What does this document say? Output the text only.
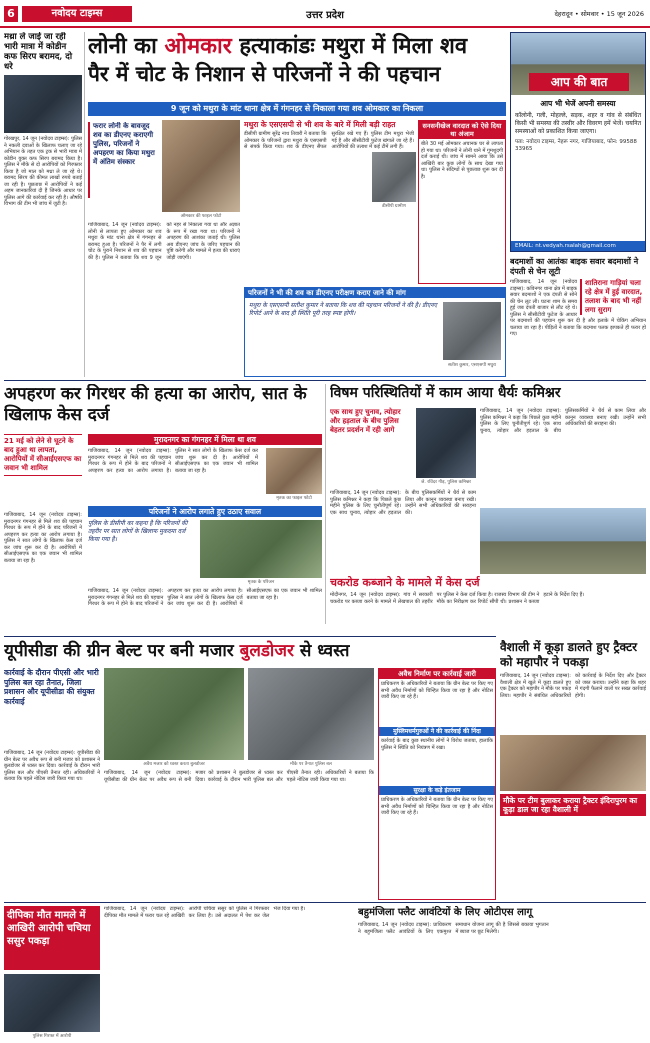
6	नवोदय टाइम्स	उत्तर प्रदेश	देहरादून • सोमवार • 15 जून 2026
मथ्रा ले जाई जा रही भारी मात्रा में कोडीन कफ सिरप बरामद, दो धरे
गोरखपुर, 14 जून (नवोदय टाइम्स): पुलिस ने नकली दवाओं के खिलाफ चलाए जा रहे अभियान के तहत एक ट्रक से भारी मात्रा में कोडीन युक्त कफ सिरप बरामद किया है। पुलिस ने मौके से दो आरोपियों को गिरफ्तार किया है जो माल को मथ्रा ले जा रहे थे। बरामद सिरप की कीमत लाखों रुपये बताई जा रही है। पूछताछ में आरोपियों ने कई अहम जानकारियां दी हैं जिनके आधार पर पुलिस आगे की कार्रवाई कर रही है। औषधि विभाग की टीम भी जांच में जुटी है।
लोनी का ओमकार हत्याकांडः मथुरा में मिला शव
पैर में चोट के निशान से परिजनों ने की पहचान
9 जून को मथुरा के मांट थाना क्षेत्र में गंगनहर से निकाला गया शव ओमकार का निकला
फरार लोनी के बावजूद शव का डीएनए कराएगी पुलिस, परिजनों ने अपहरण का किया मथुरा में अंतिम संस्कार
ओमकार की फाइल फोटो
गाजियाबाद, 14 जून (नवोदय टाइम्स): लोनी से लापता हुए ओमकार का शव मथुरा के मांट थाना क्षेत्र में गंगनहर से बरामद हुआ है। परिजनों ने पैर में लगी चोट के पुराने निशान से शव की पहचान की है। पुलिस ने बताया कि शव 9 जून को नहर से निकाला गया था और अज्ञात के रूप में रखा गया था। परिजनों ने अपहरण की आशंका जताई थी। पुलिस अब डीएनए जांच के जरिए पहचान की पुष्टि करेगी और मामले में हत्या की धाराएं जोड़ी जाएंगी।
मथुरा के एसएसपी से भी शव के बारे में मिली बड़ी राहत
डीसीपी ग्रामीण सुरेंद्र नाथ तिवारी ने बताया कि ओमकार के परिजनों द्वारा मथुरा के एसएसपी से संपर्क किया गया। शव के डीएनए सैंपल सुरक्षित रखे गए हैं। पुलिस टीम मथुरा भेजी गई है और सीसीटीवी फुटेज खंगाले जा रहे हैं। आरोपियों की तलाश में कई टीमें लगी हैं।
सनसनीखेज वारदात को ऐसे दिया था अंजाम
बीते 30 मई ओमकार अचानक घर से लापता हो गया था। परिजनों ने लोनी थाने में गुमशुदगी दर्ज कराई थी। जांच में सामने आया कि उसे आखिरी बार कुछ लोगों के साथ देखा गया था। पुलिस ने संदिग्धों से पूछताछ शुरू कर दी है।
डीसीपी ग्रामीण
परिजनों ने भी की शव का डीएनए परीक्षण कराए जाने की मांग
मथुरा के एसएसपी सतीश कुमार ने बताया कि शव की पहचान परिजनों ने की है। डीएनए रिपोर्ट आने के बाद ही स्थिति पूरी तरह स्पष्ट होगी।
सतीश कुमार, एसएसपी मथुरा
आप की बात
आप भी भेजें अपनी समस्या
कॉलोनी, गली, मोहल्ले, सड़क, शहर व गांव से संबंधित किसी भी समस्या की तस्वीर और विवरण हमें भेजें। चयनित समस्याओं को प्रकाशित किया जाएगा।
पता: नवोदय टाइम्स, नेहरू नगर, गाजियाबाद, फोन: 99588 33965
EMAIL: nt.vedyah.rsalah@gmail.com
बदमाशों का आतंकः बाइक सवार बदमाशों ने दंपती से चेन लूटी
शातिराना गाड़ियां चला रहे क्षेत्र में हुई वारदात, तलाश के बाद भी नहीं लगा सुराग
गाजियाबाद, 14 जून (नवोदय टाइम्स): कविनगर थाना क्षेत्र में बाइक सवार बदमाशों ने एक दंपती से सोने की चेन लूट ली। घटना शाम के समय हुई जब दंपती बाजार से लौट रहे थे। पुलिस ने सीसीटीवी फुटेज के आधार पर बदमाशों की पहचान शुरू कर दी है और इलाके में चेकिंग अभियान चलाया जा रहा है। पीड़ितों ने बताया कि बदमाश पलक झपकते ही फरार हो गए।
अपहरण कर गिरधर की हत्या का आरोप, सात के खिलाफ केस दर्ज
21 मई को लेने से घूटने के बाद हुआ था लापता, आरोपियों में सीआईएसएफ का जवान भी शामिल
गाजियाबाद, 14 जून (नवोदय टाइम्स): मुरादनगर गंगनहर से मिले शव की पहचान गिरधर के रूप में होने के बाद परिजनों ने अपहरण कर हत्या का आरोप लगाया है। पुलिस ने सात लोगों के खिलाफ केस दर्ज कर जांच शुरू कर दी है। आरोपियों में सीआईएसएफ का एक जवान भी शामिल बताया जा रहा है।
मुरादनगर का गंगनहर में मिला था शव
गाजियाबाद, 14 जून (नवोदय टाइम्स): मुरादनगर गंगनहर से मिले शव की पहचान गिरधर के रूप में होने के बाद परिजनों ने अपहरण कर हत्या का आरोप लगाया है। पुलिस ने सात लोगों के खिलाफ केस दर्ज कर जांच शुरू कर दी है। आरोपियों में सीआईएसएफ का एक जवान भी शामिल बताया जा रहा है।
मृतक का फाइल फोटो
परिजनों ने आरोप लगाते हुए उठाए सवाल
पुलिस के डीसीपी का कहना है कि परिजनों की तहरीर पर सात लोगों के खिलाफ मुकदमा दर्ज किया गया है।
मृतक के परिजन
गाजियाबाद, 14 जून (नवोदय टाइम्स): मुरादनगर गंगनहर से मिले शव की पहचान गिरधर के रूप में होने के बाद परिजनों ने अपहरण कर हत्या का आरोप लगाया है। पुलिस ने सात लोगों के खिलाफ केस दर्ज कर जांच शुरू कर दी है। आरोपियों में सीआईएसएफ का एक जवान भी शामिल बताया जा रहा है।
विषम परिस्थितियों में काम आया धैर्यः कमिश्नर
एक साथ हुए चुनाव, त्योहार और हड़ताल के बीच पुलिस बेहतर प्रदर्शन में रही आगे
जे. रविंदर गौड़, पुलिस कमिश्नर
गाजियाबाद, 14 जून (नवोदय टाइम्स): पुलिस कमिश्नर ने कहा कि पिछले कुछ महीने पुलिस के लिए चुनौतीपूर्ण रहे। एक साथ चुनाव, त्योहार और हड़ताल के बीच पुलिसकर्मियों ने धैर्य से काम लिया और कानून व्यवस्था बनाए रखी। उन्होंने सभी अधिकारियों की सराहना की।
गाजियाबाद, 14 जून (नवोदय टाइम्स): पुलिस कमिश्नर ने कहा कि पिछले कुछ महीने पुलिस के लिए चुनौतीपूर्ण रहे। एक साथ चुनाव, त्योहार और हड़ताल के बीच पुलिसकर्मियों ने धैर्य से काम लिया और कानून व्यवस्था बनाए रखी। उन्होंने सभी अधिकारियों की सराहना की।
चकरोड कब्जाने के मामले में केस दर्ज
मोदीनगर, 14 जून (नवोदय टाइम्स): गांव में सरकारी चकरोड पर कब्जा करने के मामले में लेखपाल की तहरीर पर पुलिस ने केस दर्ज किया है। राजस्व विभाग की टीम ने मौके का निरीक्षण कर रिपोर्ट सौंपी थी। प्रशासन ने कब्जा हटाने के निर्देश दिए हैं।
वैशाली में कूड़ा डालते हुए ट्रैक्टर को महापौर ने पकड़ा
गाजियाबाद, 14 जून (नवोदय टाइम्स): वैशाली क्षेत्र में खुले में कूड़ा डालते हुए एक ट्रैक्टर को महापौर ने मौके पर पकड़ लिया। महापौर ने संबंधित अधिकारियों को कार्रवाई के निर्देश दिए और ट्रैक्टर को जब्त कराया। उन्होंने कहा कि शहर में गंदगी फैलाने वालों पर सख्त कार्रवाई होगी।
मौके पर टीम बुलाकर कराया ट्रैक्टर इंदिरापुरम का कूड़ा डाल जा रहा वैशाली में
यूपीसीडा की ग्रीन बेल्ट पर बनी मजार बुलडोजर से ध्वस्त
कार्रवाई के दौरान पीएसी और भारी पुलिस बल रहा तैनात, जिला प्रशासन और यूपीसीडा की संयुक्त कार्रवाई
गाजियाबाद, 14 जून (नवोदय टाइम्स): यूपीसीडा की ग्रीन बेल्ट पर अवैध रूप से बनी मजार को प्रशासन ने बुलडोजर से ध्वस्त कर दिया। कार्रवाई के दौरान भारी पुलिस बल और पीएसी तैनात रही। अधिकारियों ने बताया कि पहले नोटिस जारी किया गया था।
अवैध मजार को ध्वस्त करता बुलडोजर	मौके पर तैनात पुलिस बल
गाजियाबाद, 14 जून (नवोदय टाइम्स): यूपीसीडा की ग्रीन बेल्ट पर अवैध रूप से बनी मजार को प्रशासन ने बुलडोजर से ध्वस्त कर दिया। कार्रवाई के दौरान भारी पुलिस बल और पीएसी तैनात रही। अधिकारियों ने बताया कि पहले नोटिस जारी किया गया था।
अवैध निर्माण पर कार्रवाई जारी
प्राधिकरण के अधिकारियों ने बताया कि ग्रीन बेल्ट पर किए गए सभी अवैध निर्माणों को चिन्हित किया जा रहा है और नोटिस जारी किए जा रहे हैं।
मुस्लिमधर्मगुरुओं ने की कार्रवाई की निंदा
कार्रवाई के बाद कुछ स्थानीय लोगों ने विरोध जताया, हालांकि पुलिस ने स्थिति को नियंत्रण में रखा।
सुरक्षा के कड़े इंतजाम
प्राधिकरण के अधिकारियों ने बताया कि ग्रीन बेल्ट पर किए गए सभी अवैध निर्माणों को चिन्हित किया जा रहा है और नोटिस जारी किए जा रहे हैं।
दीपिका मौत मामले में आखिरी आरोपी चचिया ससुर पकड़ा
पुलिस गिरफ्त में आरोपी
गाजियाबाद, 14 जून (नवोदय टाइम्स): दीपिका मौत मामले में फरार चल रहे आखिरी आरोपी चचिया ससुर को पुलिस ने गिरफ्तार कर लिया है। उसे अदालत में पेश कर जेल भेज दिया गया है।	बहुमंजिला फ्लैट आवंटियों के लिए ओटीएस लागू
गाजियाबाद, 14 जून (नवोदय टाइम्स): प्राधिकरण ने बहुमंजिला फ्लैट आवंटियों के लिए एकमुश्त समाधान योजना लागू की है जिससे बकाया भुगतान में ब्याज पर छूट मिलेगी।
